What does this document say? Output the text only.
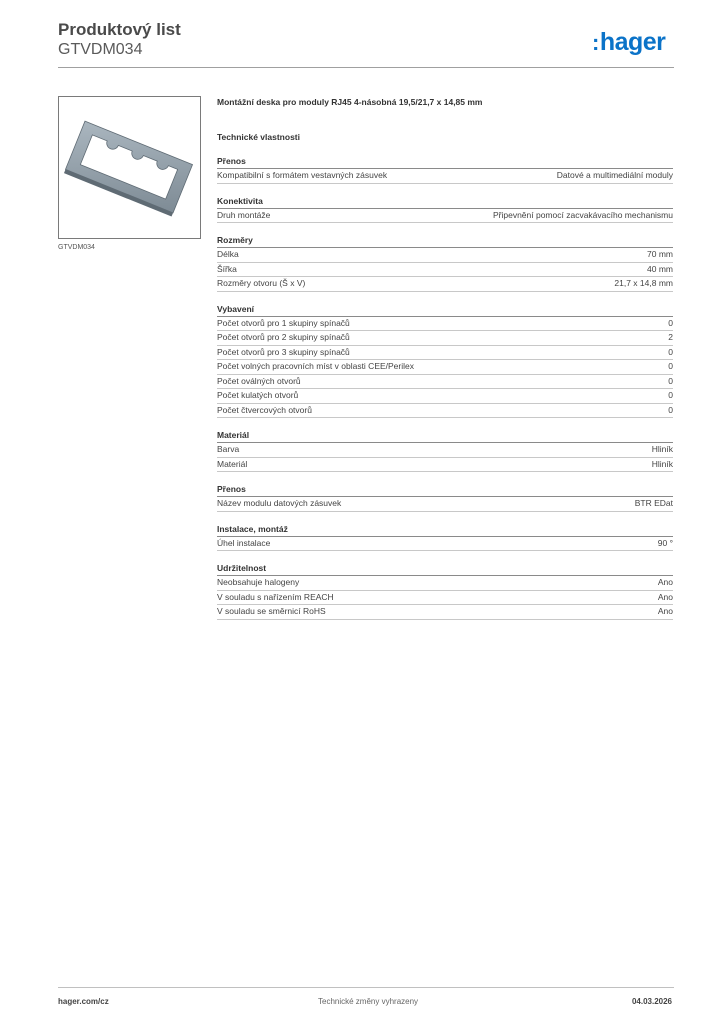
Produktový list
GTVDM034	:hager
GTVDM034
Montážní deska pro moduly RJ45 4-násobná 19,5/21,7 x 14,85 mm
Technické vlastnosti
Přenos
Kompatibilní s formátem vestavných zásuvek	Datové a multimediální moduly
Konektivita
Druh montáže	Připevnění pomocí zacvakávacího mechanismu
Rozměry
Délka	70 mm
Šířka	40 mm
Rozměry otvoru (Š x V)	21,7 x 14,8 mm
Vybavení
Počet otvorů pro 1 skupiny spínačů	0
Počet otvorů pro 2 skupiny spínačů	2
Počet otvorů pro 3 skupiny spínačů	0
Počet volných pracovních míst v oblasti CEE/Perilex	0
Počet oválných otvorů	0
Počet kulatých otvorů	0
Počet čtvercových otvorů	0
Materiál
Barva	Hliník
Materiál	Hliník
Přenos
Název modulu datových zásuvek	BTR EDat
Instalace, montáž
Úhel instalace	90 °
Udržitelnost
Neobsahuje halogeny	Ano
V souladu s nařízením REACH	Ano
V souladu se směrnicí RoHS	Ano
hager.com/cz	Technické změny vyhrazeny	04.03.2026
